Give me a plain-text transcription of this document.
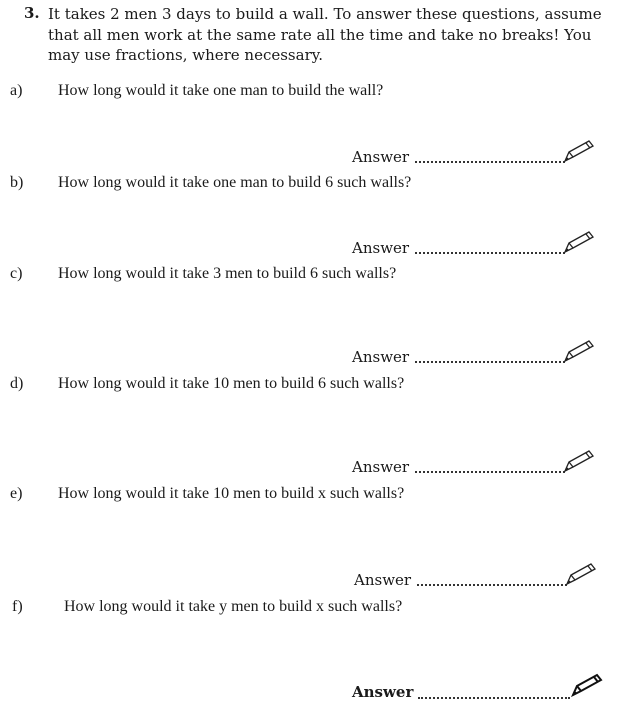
3. It takes 2 men 3 days to build a wall. To answer these questions, assume that all men work at the same rate all the time and take no breaks! You may use fractions, where necessary.
a) How long would it take one man to build the wall?
Answer
b) How long would it take one man to build 6 such walls?
Answer
c) How long would it take 3 men to build 6 such walls?
Answer
d) How long would it take 10 men to build 6 such walls?
Answer
e) How long would it take 10 men to build x such walls?
Answer
f)	How long would it take y men to build x such walls?
Answer
